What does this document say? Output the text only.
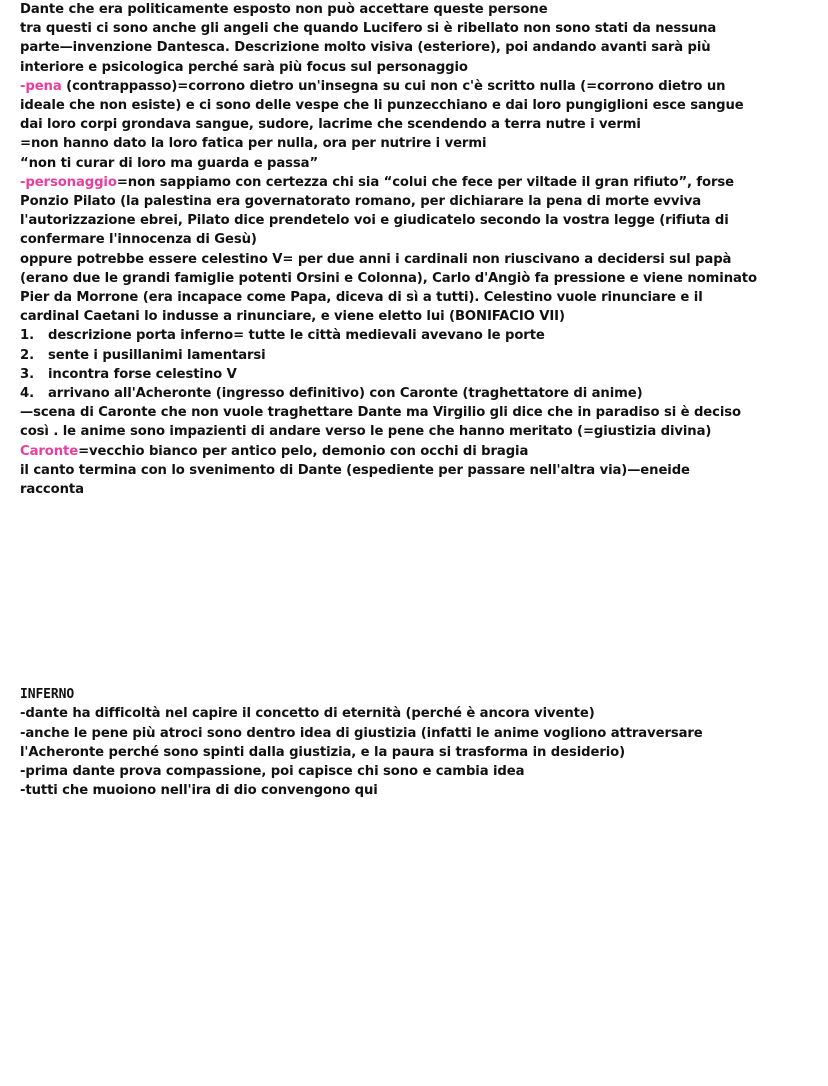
Dante che era politicamente esposto non può accettare queste persone
tra questi ci sono anche gli angeli che quando Lucifero si è ribellato non sono stati da nessuna
parte—invenzione Dantesca. Descrizione molto visiva (esteriore), poi andando avanti sarà più
interiore e psicologica perché sarà più focus sul personaggio
-pena (contrappasso)=corrono dietro un'insegna su cui non c'è scritto nulla (=corrono dietro un
ideale che non esiste) e ci sono delle vespe che li punzecchiano e dai loro pungiglioni esce sangue
dai loro corpi grondava sangue, sudore, lacrime che scendendo a terra nutre i vermi
=non hanno dato la loro fatica per nulla, ora per nutrire i vermi
“non ti curar di loro ma guarda e passa”
-personaggio=non sappiamo con certezza chi sia “colui che fece per viltade il gran rifiuto”, forse
Ponzio Pilato (la palestina era governatorato romano, per dichiarare la pena di morte evviva
l'autorizzazione ebrei, Pilato dice prendetelo voi e giudicatelo secondo la vostra legge (rifiuta di
confermare l'innocenza di Gesù)
oppure potrebbe essere celestino V= per due anni i cardinali non riuscivano a decidersi sul papà
(erano due le grandi famiglie potenti Orsini e Colonna), Carlo d'Angiò fa pressione e viene nominato
Pier da Morrone (era incapace come Papa, diceva di sì a tutti). Celestino vuole rinunciare e il
cardinal Caetani lo indusse a rinunciare, e viene eletto lui (BONIFACIO VII)
1. descrizione porta inferno= tutte le città medievali avevano le porte
2. sente i pusillanimi lamentarsi
3. incontra forse celestino V
4. arrivano all'Acheronte (ingresso definitivo) con Caronte (traghettatore di anime)
—scena di Caronte che non vuole traghettare Dante ma Virgilio gli dice che in paradiso si è deciso
così . le anime sono impazienti di andare verso le pene che hanno meritato (=giustizia divina)
Caronte=vecchio bianco per antico pelo, demonio con occhi di bragia
il canto termina con lo svenimento di Dante (espediente per passare nell'altra via)—eneide
racconta
INFERNO
-dante ha difficoltà nel capire il concetto di eternità (perché è ancora vivente)
-anche le pene più atroci sono dentro idea di giustizia (infatti le anime vogliono attraversare
l'Acheronte perché sono spinti dalla giustizia, e la paura si trasforma in desiderio)
-prima dante prova compassione, poi capisce chi sono e cambia idea
-tutti che muoiono nell'ira di dio convengono qui
